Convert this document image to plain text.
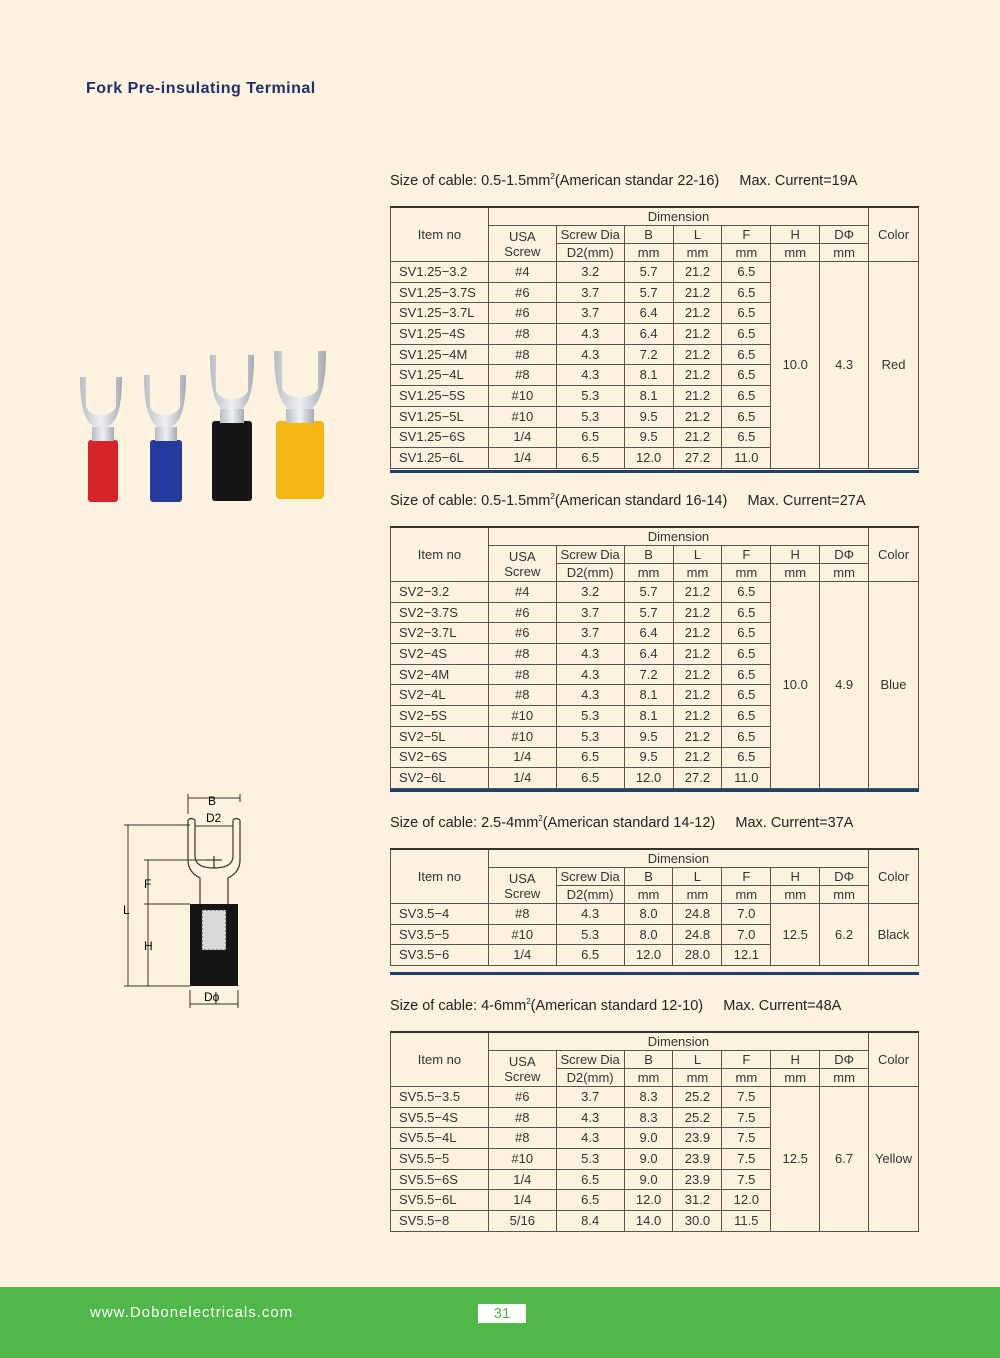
Fork Pre-insulating Terminal
B
D2
F
L
H
Dϕ
Size of cable: $0.5-1.5mm^2(American$ standar 22-16)     Max. Current=19A
Item no	Dimension							Color

	USA
Screw	Screw Dia	B	L	F	H	DΦ	
		D2(mm)	mm	mm	mm	mm	mm	
SV1.25−3.2	#4	3.2	5.7	21.2	6.5	10.0	4.3	Red
SV1.25−3.7S	#6	3.7	5.7	21.2	6.5			
SV1.25−3.7L	#6	3.7	6.4	21.2	6.5			
SV1.25−4S	#8	4.3	6.4	21.2	6.5			
SV1.25−4M	#8	4.3	7.2	21.2	6.5			
SV1.25−4L	#8	4.3	8.1	21.2	6.5			
SV1.25−5S	#10	5.3	8.1	21.2	6.5			
SV1.25−5L	#10	5.3	9.5	21.2	6.5			
SV1.25−6S	1/4	6.5	9.5	21.2	6.5			
SV1.25−6L	1/4	6.5	12.0	27.2	11.0			
Size of cable: $0.5-1.5mm^2(American$ standard 16-14)     Max. Current=27A
Item no	Dimension							Color

	USA
Screw	Screw Dia	B	L	F	H	DΦ	
		D2(mm)	mm	mm	mm	mm	mm	
SV2−3.2	#4	3.2	5.7	21.2	6.5	10.0	4.9	Blue
SV2−3.7S	#6	3.7	5.7	21.2	6.5			
SV2−3.7L	#6	3.7	6.4	21.2	6.5			
SV2−4S	#8	4.3	6.4	21.2	6.5			
SV2−4M	#8	4.3	7.2	21.2	6.5			
SV2−4L	#8	4.3	8.1	21.2	6.5			
SV2−5S	#10	5.3	8.1	21.2	6.5			
SV2−5L	#10	5.3	9.5	21.2	6.5			
SV2−6S	1/4	6.5	9.5	21.2	6.5			
SV2−6L	1/4	6.5	12.0	27.2	11.0			
Size of cable: $2.5-4mm^2(American$ standard 14-12)     Max. Current=37A
Item no	Dimension							Color

	USA
Screw	Screw Dia	B	L	F	H	DΦ	
		D2(mm)	mm	mm	mm	mm	mm	
SV3.5−4	#8	4.3	8.0	24.8	7.0	12.5	6.2	Black
SV3.5−5	#10	5.3	8.0	24.8	7.0			
SV3.5−6	1/4	6.5	12.0	28.0	12.1			
Size of cable: $4-6mm^2(American$ standard 12-10)     Max. Current=48A
Item no	Dimension							Color

	USA
Screw	Screw Dia	B	L	F	H	DΦ	
		D2(mm)	mm	mm	mm	mm	mm	
SV5.5−3.5	#6	3.7	8.3	25.2	7.5	12.5	6.7	Yellow
SV5.5−4S	#8	4.3	8.3	25.2	7.5			
SV5.5−4L	#8	4.3	9.0	23.9	7.5			
SV5.5−5	#10	5.3	9.0	23.9	7.5			
SV5.5−6S	1/4	6.5	9.0	23.9	7.5			
SV5.5−6L	1/4	6.5	12.0	31.2	12.0			
SV5.5−8	5/16	8.4	14.0	30.0	11.5			
www.Dobonelectricals.com	31
